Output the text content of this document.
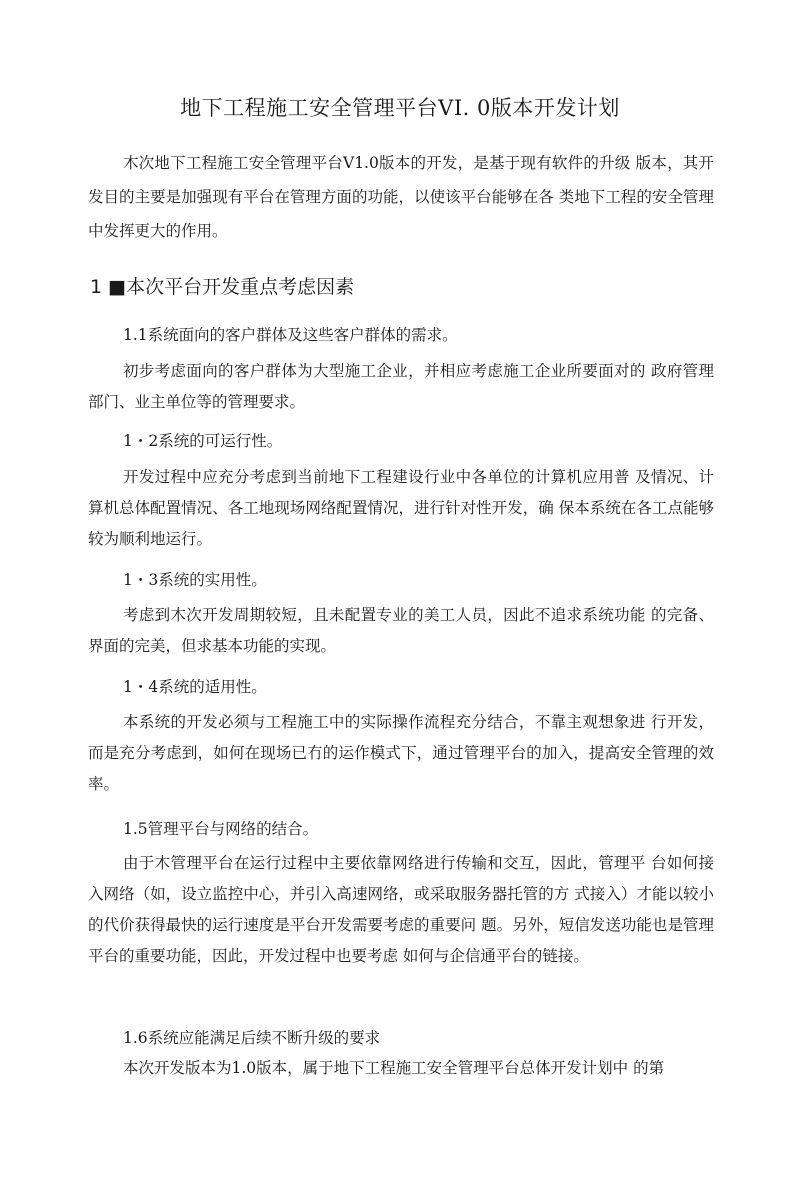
地下工程施工安全管理平台VI. 0版本开发计划

木次地下工程施工安全管理平台V1.0版本的开发，是基于现有软件的升级 版本，其开发目的主要是加强现有平台在管理方面的功能，以使该平台能够在各 类地下工程的安全管理中发挥更大的作用。

1 ■本次平台开发重点考虑因素

1.1系统面向的客户群体及这些客户群体的需求。

初步考虑面向的客户群体为大型施工企业，并相应考虑施工企业所要面对的 政府管理部门、业主单位等的管理要求。

1・2系统的可运行性。

开发过程中应充分考虑到当前地下工程建设行业中各单位的计算机应用普 及情况、计算机总体配置情况、各工地现场网络配置情况，进行针对性开发，确 保本系统在各工点能够较为顺利地运行。

1・3系统的实用性。

考虑到木次开发周期较短，且未配置专业的美工人员，因此不追求系统功能 的完备、界面的完美，但求基本功能的实现。

1・4系统的适用性。

本系统的开发必须与工程施工中的实际操作流程充分结合，不靠主观想象进 行开发，而是充分考虑到，如何在现场已冇的运作模式下，通过管理平台的加入，提高安全管理的效率。

1.5管理平台与网络的结合。

由于木管理平台在运行过程中主要依靠网络进行传输和交互，因此，管理平 台如何接入网络（如，设立监控中心，并引入高速网络，或采取服务器托管的方 式接入）才能以较小的代价获得最快的运行速度是平台开发需要考虑的重要问 题。另外，短信发送功能也是管理平台的重要功能，因此，开发过程中也要考虑 如何与企信通平台的链接。

1.6系统应能满足后续不断升级的要求

本次开发版本为1.0版本，属于地下工程施工安全管理平台总体开发计划中 的第
